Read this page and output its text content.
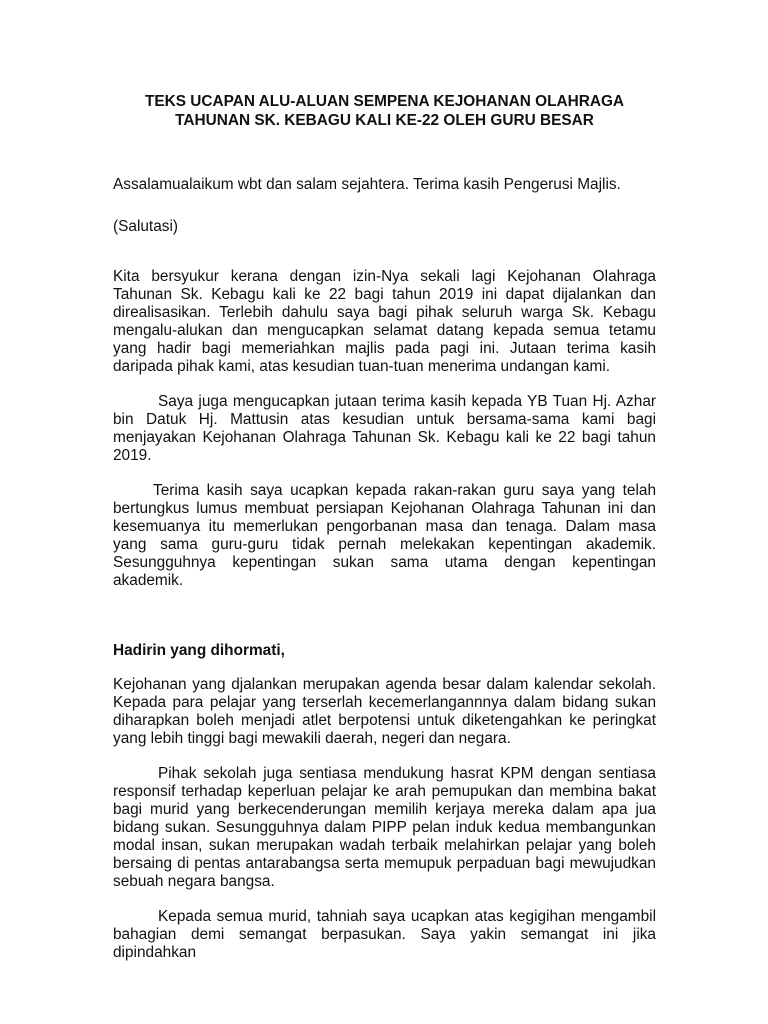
TEKS UCAPAN ALU-ALUAN SEMPENA KEJOHANAN OLAHRAGA
TAHUNAN SK. KEBAGU KALI KE-22 OLEH GURU BESAR

Assalamualaikum wbt dan salam sejahtera. Terima kasih Pengerusi Majlis.

(Salutasi)

Kita bersyukur kerana dengan izin-Nya sekali lagi Kejohanan Olahraga Tahunan Sk. Kebagu kali ke 22 bagi tahun 2019 ini dapat dijalankan dan direalisasikan. Terlebih dahulu saya bagi pihak seluruh warga Sk. Kebagu mengalu-alukan dan mengucapkan selamat datang kepada semua tetamu yang hadir bagi memeriahkan majlis pada pagi ini. Jutaan terima kasih daripada pihak kami, atas kesudian tuan-tuan menerima undangan kami.

Saya juga mengucapkan jutaan terima kasih kepada YB Tuan Hj. Azhar bin Datuk Hj. Mattusin atas kesudian untuk bersama-sama kami bagi menjayakan Kejohanan Olahraga Tahunan Sk. Kebagu kali ke 22 bagi tahun 2019.

Terima kasih saya ucapkan kepada rakan-rakan guru saya yang telah bertungkus lumus membuat persiapan Kejohanan Olahraga Tahunan ini dan kesemuanya itu memerlukan pengorbanan masa dan tenaga. Dalam masa yang sama guru-guru tidak pernah melekakan kepentingan akademik. Sesungguhnya kepentingan sukan sama utama dengan kepentingan akademik.

Hadirin yang dihormati,

Kejohanan yang djalankan merupakan agenda besar dalam kalendar sekolah. Kepada para pelajar yang terserlah kecemerlangannnya dalam bidang sukan diharapkan boleh menjadi atlet berpotensi untuk diketengahkan ke peringkat yang lebih tinggi bagi mewakili daerah, negeri dan negara.

Pihak sekolah juga sentiasa mendukung hasrat KPM dengan sentiasa responsif terhadap keperluan pelajar ke arah pemupukan dan membina bakat bagi murid yang berkecenderungan memilih kerjaya mereka dalam apa jua bidang sukan. Sesungguhnya dalam PIPP pelan induk kedua membangunkan modal insan, sukan merupakan wadah terbaik melahirkan pelajar yang boleh bersaing di pentas antarabangsa serta memupuk perpaduan bagi mewujudkan sebuah negara bangsa.

Kepada semua murid, tahniah saya ucapkan atas kegigihan mengambil bahagian demi semangat berpasukan. Saya yakin semangat ini jika dipindahkan
